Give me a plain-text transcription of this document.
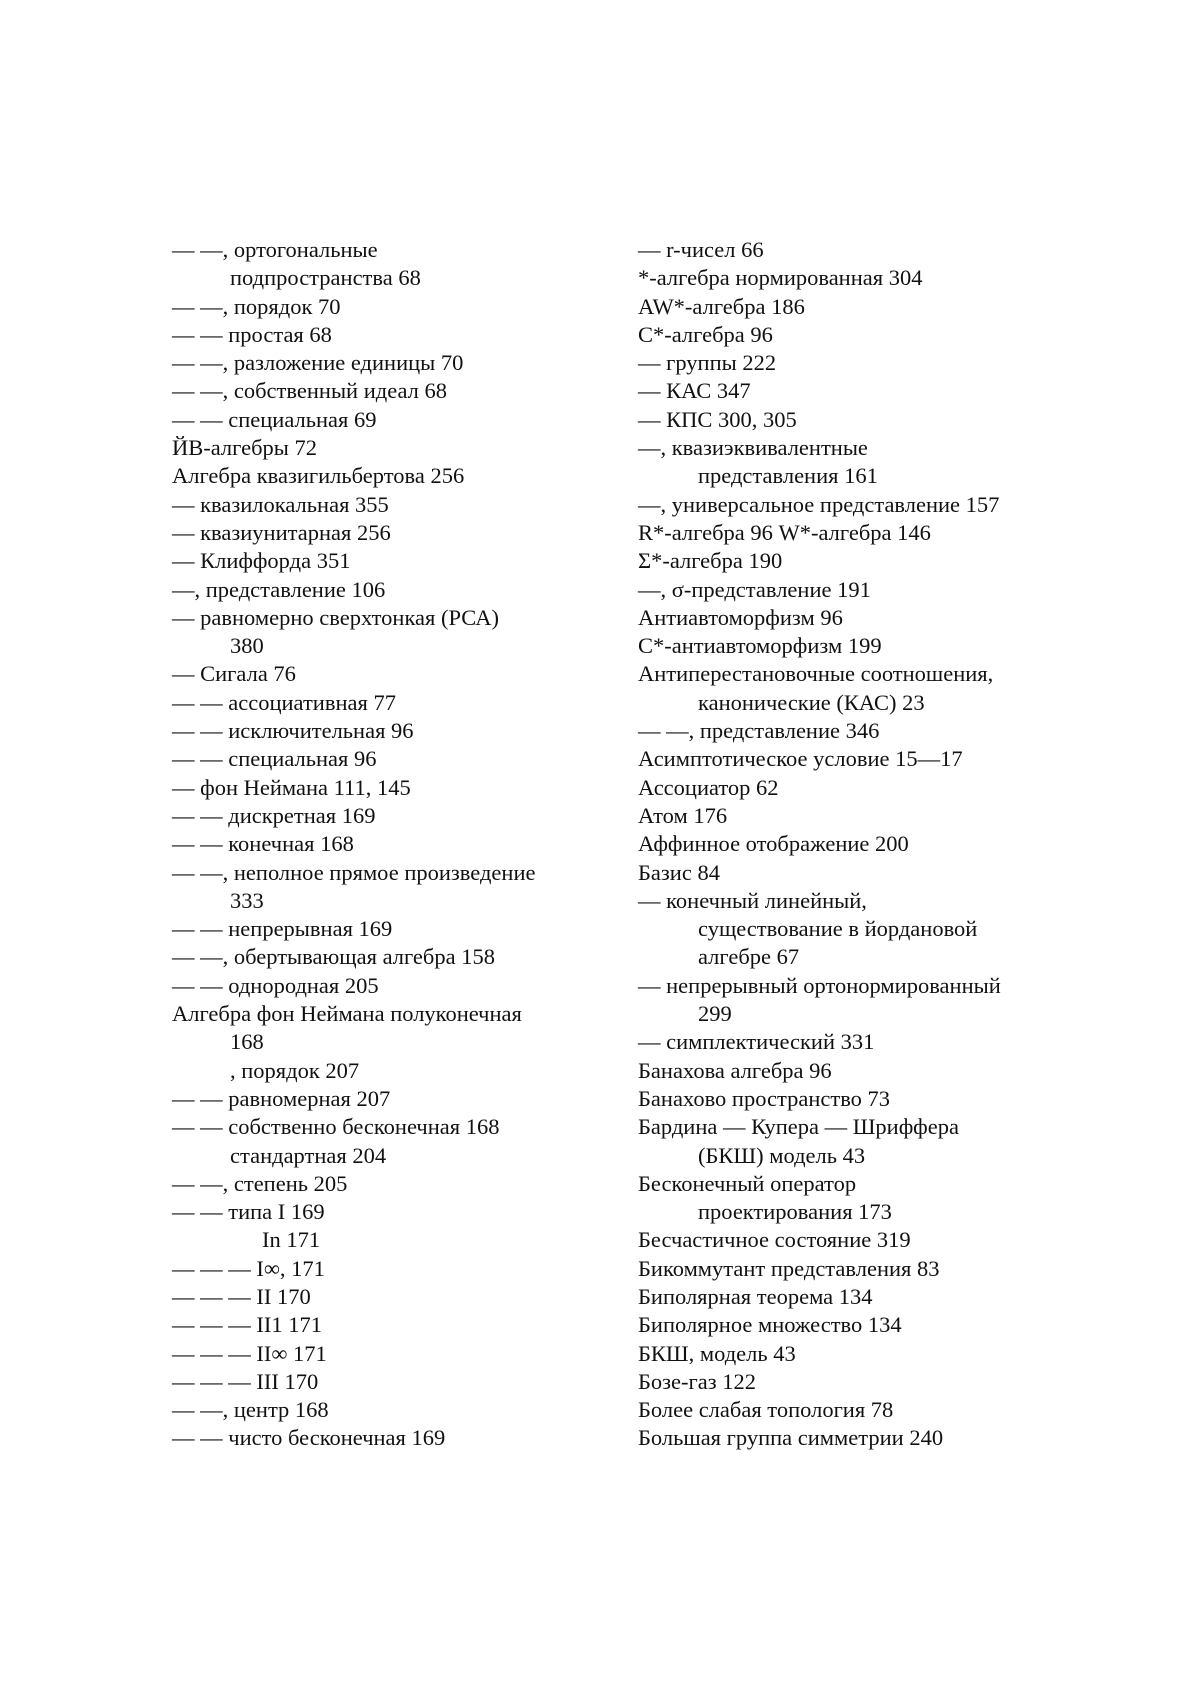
— —, ортогональные
подпространства 68
— —, порядок 70
— — простая 68
— —, разложение единицы 70
— —, собственный идеал 68
— — специальная 69
ЙВ-алгебры 72
Алгебра квазигильбертова 256
— квазилокальная 355
— квазиунитарная 256
— Клиффорда 351
—, представление 106
— равномерно сверхтонкая (РСА)
380
— Сигала 76
— — ассоциативная 77
— — исключительная 96
— — специальная 96
— фон Неймана 111, 145
— — дискретная 169
— — конечная 168
— —, неполное прямое произведение
333
— — непрерывная 169
— —, обертывающая алгебра 158
— — однородная 205
Алгебра фон Неймана полуконечная
168
, порядок 207
— — равномерная 207
— — собственно бесконечная 168
стандартная 204
— —, степень 205
— — типа I 169
In 171
— — — I∞, 171
— — — II 170
— — — II1 171
— — — II∞ 171
— — — III 170
— —, центр 168
— — чисто бесконечная 169
— r-чисел 66
*-алгебра нормированная 304
AW*-алгебра 186
C*-алгебра 96
— группы 222
— КАС 347
— КПС 300, 305
—, квазиэквивалентные
представления 161
—, универсальное представление 157
R*-алгебра 96 W*-алгебра 146
Σ*-алгебра 190
—, σ-представление 191
Антиавтоморфизм 96
C*-антиавтоморфизм 199
Антиперестановочные соотношения,
канонические (КАС) 23
— —, представление 346
Асимптотическое условие 15—17
Ассоциатор 62
Атом 176
Аффинное отображение 200
Базис 84
— конечный линейный,
существование в йордановой
алгебре 67
— непрерывный ортонормированный
299
— симплектический 331
Банахова алгебра 96
Банахово пространство 73
Бардина — Купера — Шриффера
(БКШ) модель 43
Бесконечный оператор
проектирования 173
Бесчастичное состояние 319
Бикоммутант представления 83
Биполярная теорема 134
Биполярное множество 134
БКШ, модель 43
Бозе-газ 122
Более слабая топология 78
Большая группа симметрии 240
